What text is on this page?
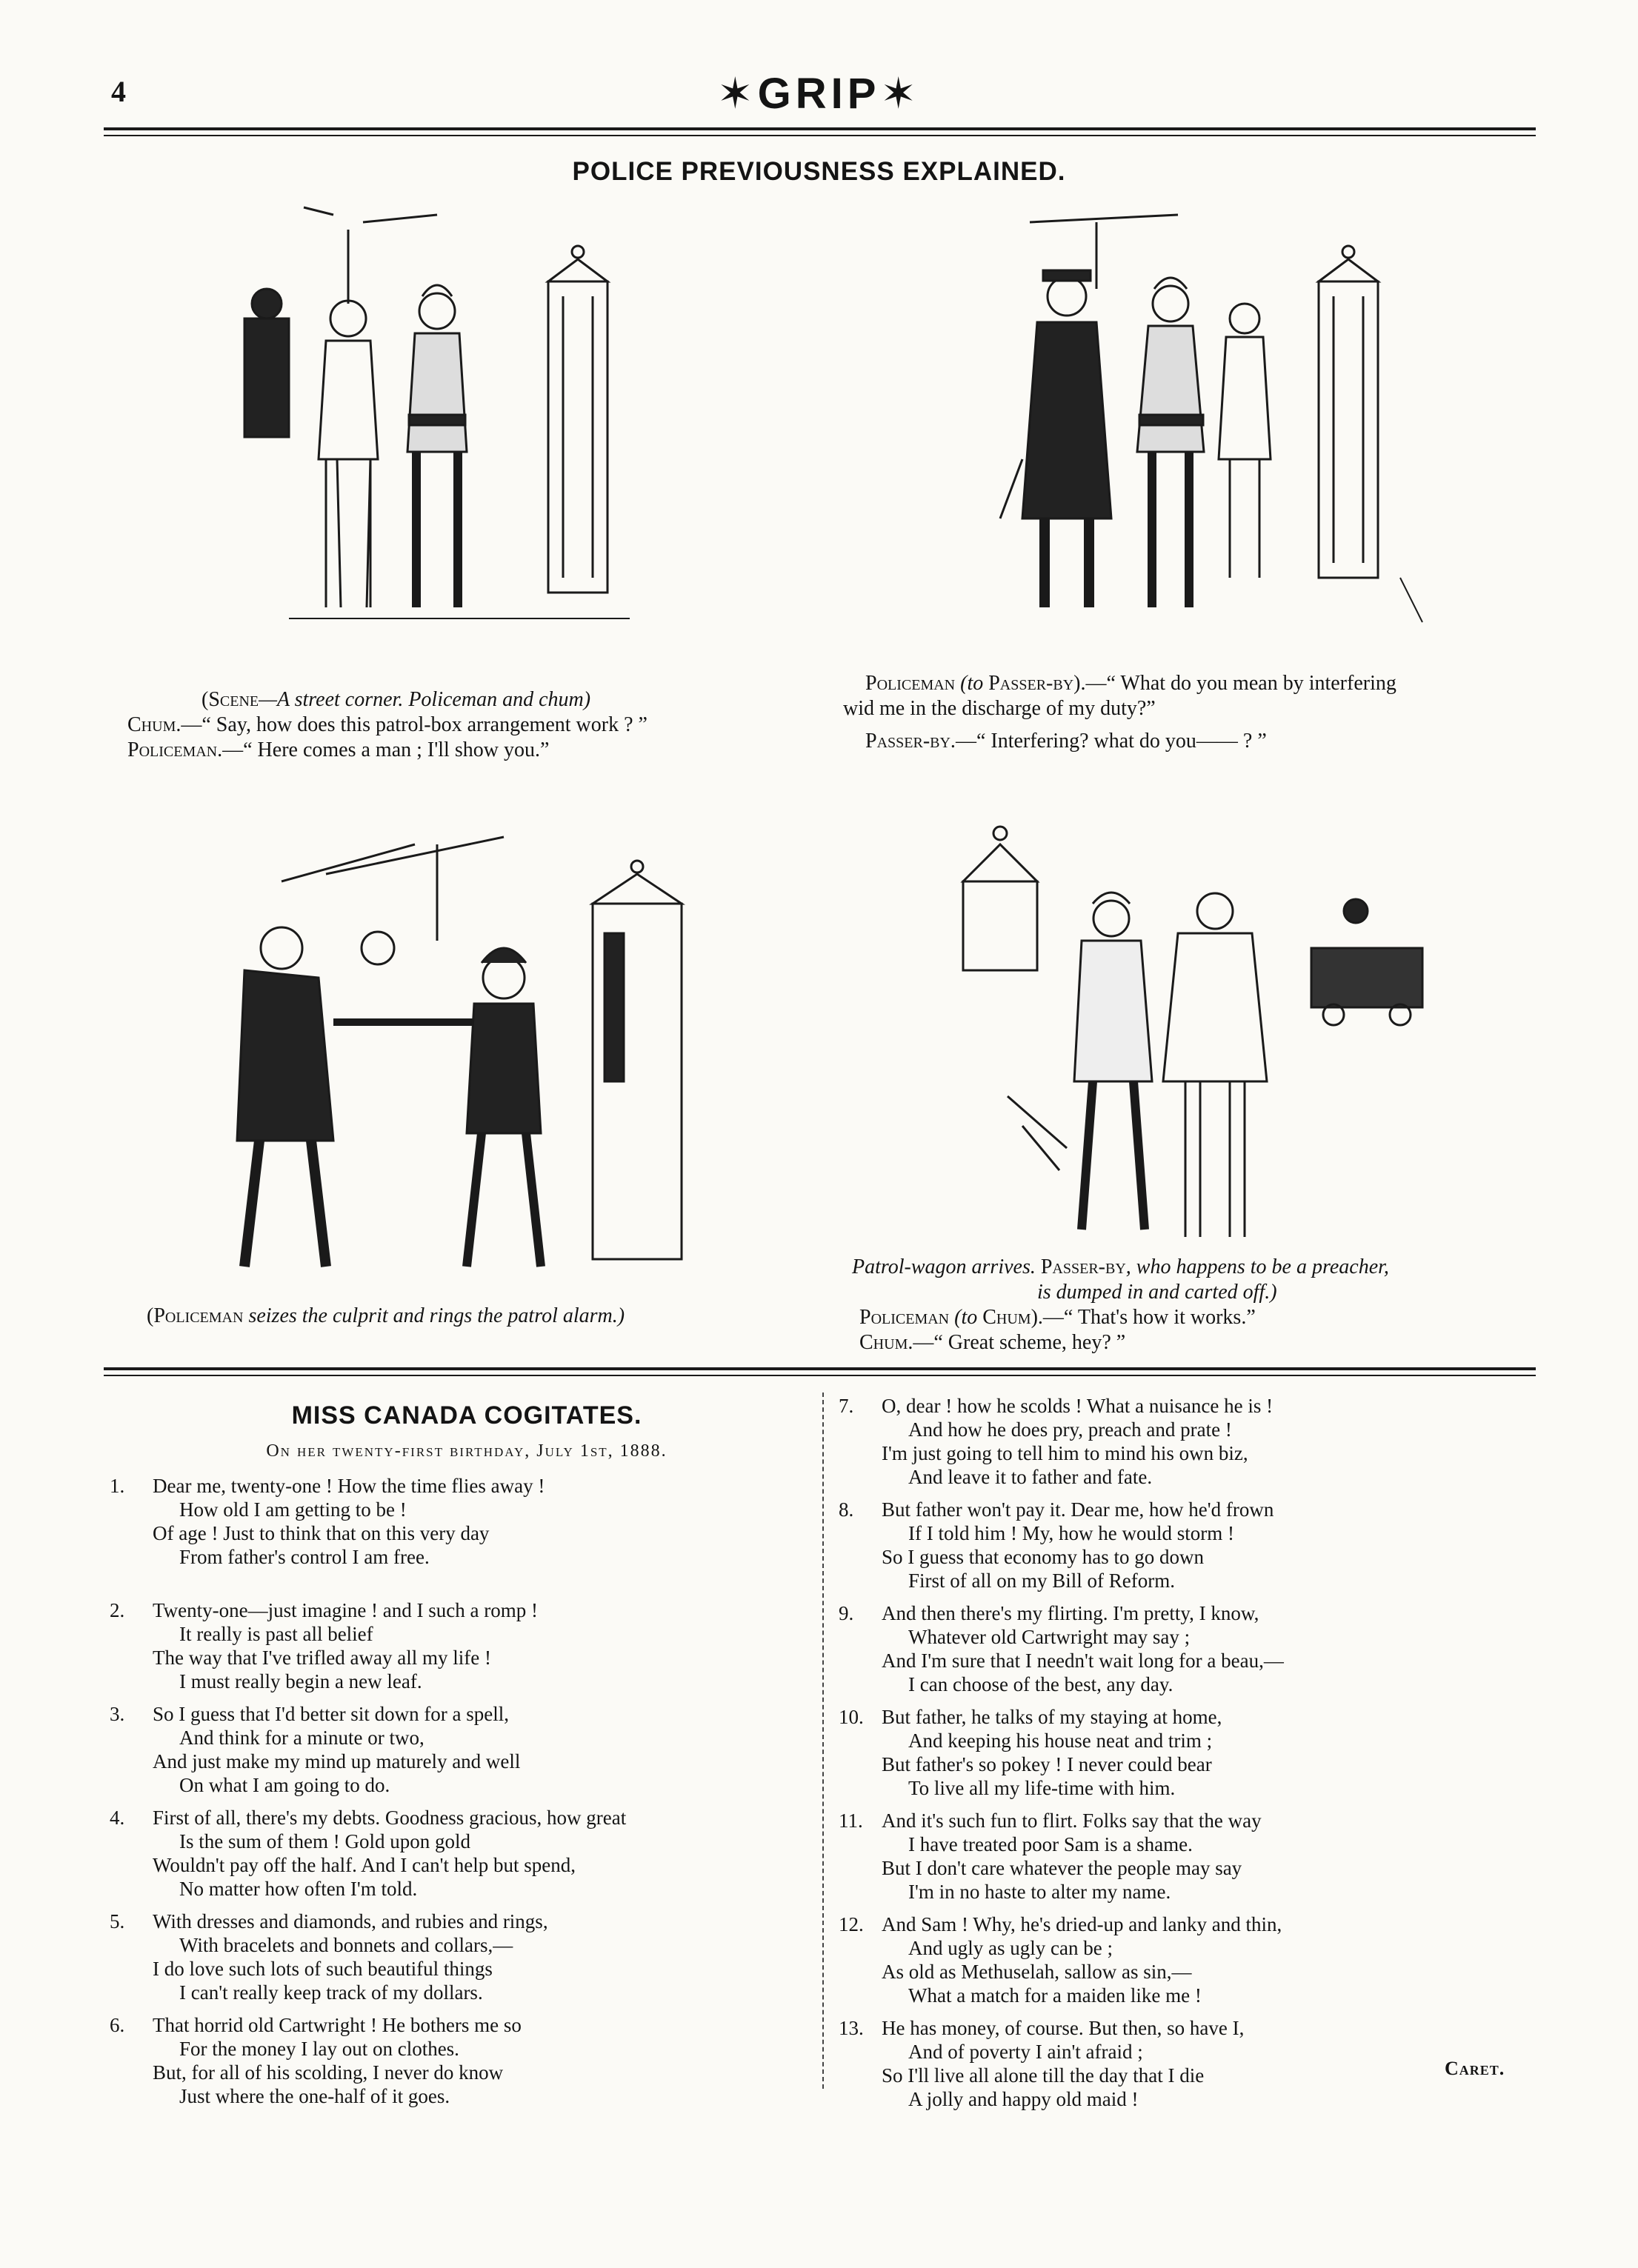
4	✶GRIP✶
POLICE PREVIOUSNESS EXPLAINED.
(Scene—A street corner. Policeman and chum)
Chum.—“ Say, how does this patrol-box arrangement work ? ”
Policeman.—“ Here comes a man ; I'll show you.”
Policeman (to Passer-by).—“ What do you mean by interfering
wid me in the discharge of my duty?”
Passer-by.—“ Interfering? what do you—— ? ”
(Policeman seizes the culprit and rings the patrol alarm.)
Patrol-wagon arrives. Passer-by, who happens to be a preacher,
is dumped in and carted off.)
Policeman (to Chum).—“ That's how it works.”
Chum.—“ Great scheme, hey? ”
MISS CANADA COGITATES.
On her twenty-first birthday, July 1st, 1888.
1. Dear me, twenty-one ! How the time flies away !
How old I am getting to be !
Of age ! Just to think that on this very day
From father's control I am free.
2. Twenty-one—just imagine ! and I such a romp !
It really is past all belief
The way that I've trifled away all my life !
I must really begin a new leaf.
3. So I guess that I'd better sit down for a spell,
And think for a minute or two,
And just make my mind up maturely and well
On what I am going to do.
4. First of all, there's my debts. Goodness gracious, how great
Is the sum of them ! Gold upon gold
Wouldn't pay off the half. And I can't help but spend,
No matter how often I'm told.
5. With dresses and diamonds, and rubies and rings,
With bracelets and bonnets and collars,—
I do love such lots of such beautiful things
I can't really keep track of my dollars.
6. That horrid old Cartwright ! He bothers me so
For the money I lay out on clothes.
But, for all of his scolding, I never do know
Just where the one-half of it goes.
7. O, dear ! how he scolds ! What a nuisance he is !
And how he does pry, preach and prate !
I'm just going to tell him to mind his own biz,
And leave it to father and fate.
8. But father won't pay it. Dear me, how he'd frown
If I told him ! My, how he would storm !
So I guess that economy has to go down
First of all on my Bill of Reform.
9. And then there's my flirting. I'm pretty, I know,
Whatever old Cartwright may say ;
And I'm sure that I needn't wait long for a beau,—
I can choose of the best, any day.
10. But father, he talks of my staying at home,
And keeping his house neat and trim ;
But father's so pokey ! I never could bear
To live all my life-time with him.
11. And it's such fun to flirt. Folks say that the way
I have treated poor Sam is a shame.
But I don't care whatever the people may say
I'm in no haste to alter my name.
12. And Sam ! Why, he's dried-up and lanky and thin,
And ugly as ugly can be ;
As old as Methuselah, sallow as sin,—
What a match for a maiden like me !
13. He has money, of course. But then, so have I,
And of poverty I ain't afraid ;
So I'll live all alone till the day that I die
A jolly and happy old maid !
Caret.
